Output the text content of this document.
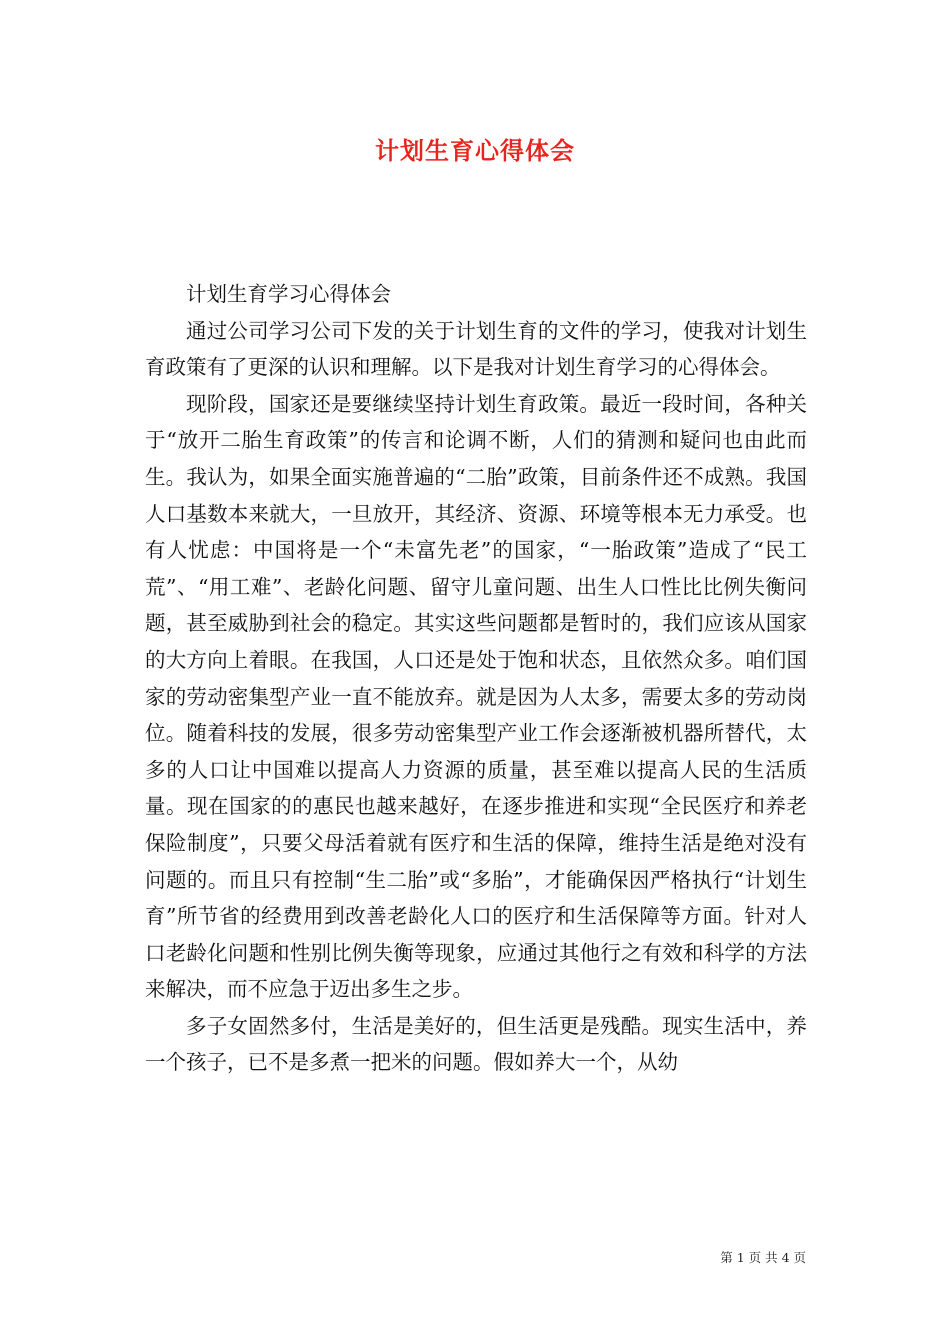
计划生育心得体会

计划生育学习心得体会

通过公司学习公司下发的关于计划生育的文件的学习，使我对计划生育政策有了更深的认识和理解。以下是我对计划生育学习的心得体会。

现阶段，国家还是要继续坚持计划生育政策。最近一段时间，各种关于“放开二胎生育政策”的传言和论调不断，人们的猜测和疑问也由此而生。我认为，如果全面实施普遍的“二胎”政策，目前条件还不成熟。我国人口基数本来就大，一旦放开，其经济、资源、环境等根本无力承受。也有人忧虑：中国将是一个“未富先老”的国家，“一胎政策”造成了“民工荒”、“用工难”、老龄化问题、留守儿童问题、出生人口性比比例失衡问题，甚至威胁到社会的稳定。其实这些问题都是暂时的，我们应该从国家的大方向上着眼。在我国，人口还是处于饱和状态，且依然众多。咱们国家的劳动密集型产业一直不能放弃。就是因为人太多，需要太多的劳动岗位。随着科技的发展，很多劳动密集型产业工作会逐渐被机器所替代，太多的人口让中国难以提高人力资源的质量，甚至难以提高人民的生活质量。现在国家的的惠民也越来越好，在逐步推进和实现“全民医疗和养老保险制度”，只要父母活着就有医疗和生活的保障，维持生活是绝对没有问题的。而且只有控制“生二胎”或“多胎”，才能确保因严格执行“计划生育”所节省的经费用到改善老龄化人口的医疗和生活保障等方面。针对人口老龄化问题和性别比例失衡等现象，应通过其他行之有效和科学的方法来解决，而不应急于迈出多生之步。

多子女固然多付，生活是美好的，但生活更是残酷。现实生活中，养一个孩子，已不是多煮一把米的问题。假如养大一个，从幼

第 1 页 共 4 页
